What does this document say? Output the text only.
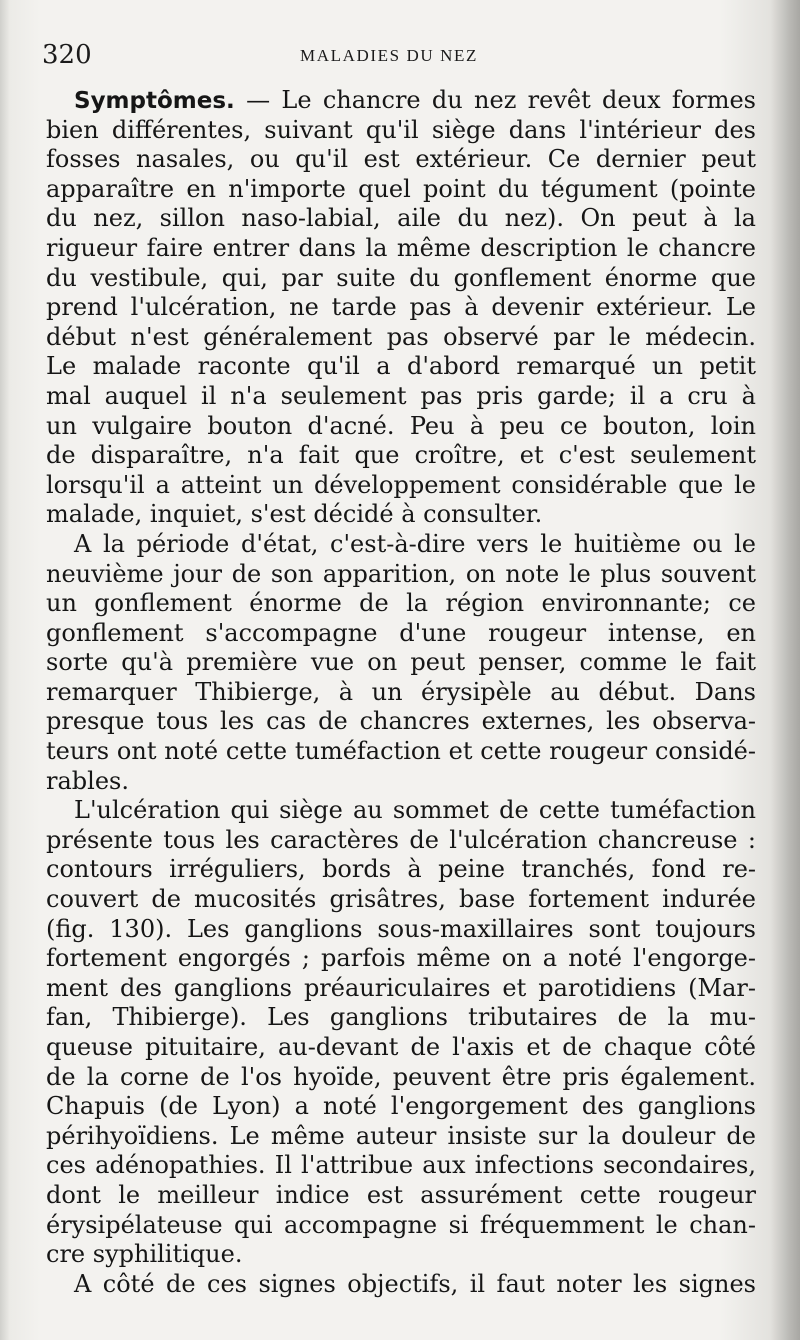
320	MALADIES DU NEZ
Symptômes. — Le chancre du nez revêt deux formes
bien différentes, suivant qu'il siège dans l'intérieur des
fosses nasales, ou qu'il est extérieur. Ce dernier peut
apparaître en n'importe quel point du tégument (pointe
du nez, sillon naso-labial, aile du nez). On peut à la
rigueur faire entrer dans la même description le chancre
du vestibule, qui, par suite du gonflement énorme que
prend l'ulcération, ne tarde pas à devenir extérieur. Le
début n'est généralement pas observé par le médecin.
Le malade raconte qu'il a d'abord remarqué un petit
mal auquel il n'a seulement pas pris garde; il a cru à
un vulgaire bouton d'acné. Peu à peu ce bouton, loin
de disparaître, n'a fait que croître, et c'est seulement
lorsqu'il a atteint un développement considérable que le
malade, inquiet, s'est décidé à consulter.
A la période d'état, c'est-à-dire vers le huitième ou le
neuvième jour de son apparition, on note le plus souvent
un gonflement énorme de la région environnante; ce
gonflement s'accompagne d'une rougeur intense, en
sorte qu'à première vue on peut penser, comme le fait
remarquer Thibierge, à un érysipèle au début. Dans
presque tous les cas de chancres externes, les observa-
teurs ont noté cette tuméfaction et cette rougeur considé-
rables.
L'ulcération qui siège au sommet de cette tuméfaction
présente tous les caractères de l'ulcération chancreuse :
contours irréguliers, bords à peine tranchés, fond re-
couvert de mucosités grisâtres, base fortement indurée
(fig. 130). Les ganglions sous-maxillaires sont toujours
fortement engorgés ; parfois même on a noté l'engorge-
ment des ganglions préauriculaires et parotidiens (Mar-
fan, Thibierge). Les ganglions tributaires de la mu-
queuse pituitaire, au-devant de l'axis et de chaque côté
de la corne de l'os hyoïde, peuvent être pris également.
Chapuis (de Lyon) a noté l'engorgement des ganglions
périhyoïdiens. Le même auteur insiste sur la douleur de
ces adénopathies. Il l'attribue aux infections secondaires,
dont le meilleur indice est assurément cette rougeur
érysipélateuse qui accompagne si fréquemment le chan-
cre syphilitique.
A côté de ces signes objectifs, il faut noter les signes
